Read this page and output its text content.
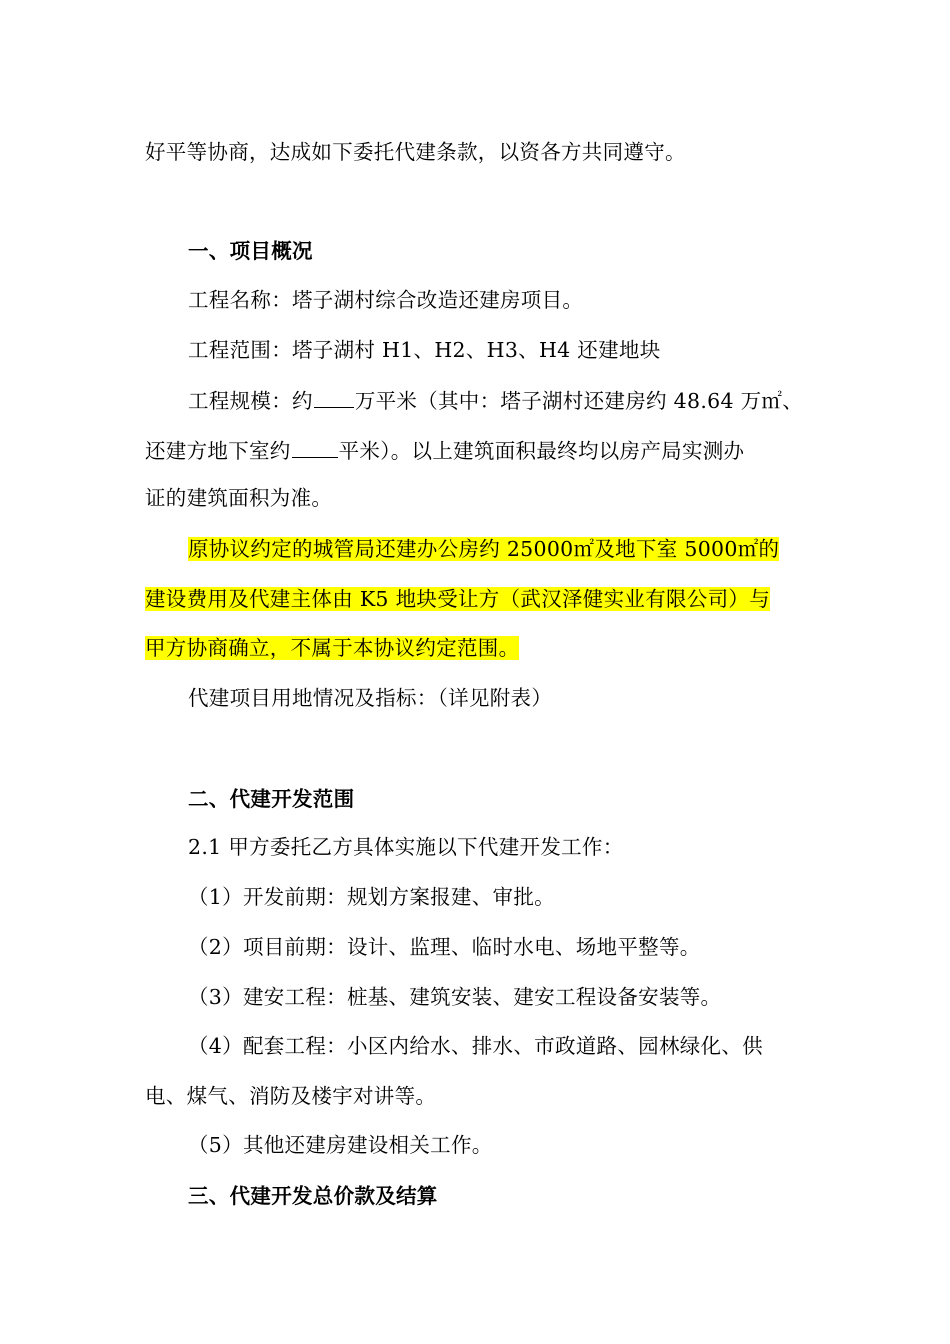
好平等协商，达成如下委托代建条款，以资各方共同遵守。
一、项目概况
工程名称：塔子湖村综合改造还建房项目。
工程范围：塔子湖村 H1、H2、H3、H4 还建地块
工程规模：约 万平米（其中：塔子湖村还建房约 48.64 万㎡、
还建方地下室约 平米）。以上建筑面积最终均以房产局实测办
证的建筑面积为准。
原协议约定的城管局还建办公房约 25000㎡及地下室 5000㎡的
建设费用及代建主体由 K5 地块受让方（武汉泽健实业有限公司）与
甲方协商确立，不属于本协议约定范围。
代建项目用地情况及指标：（详见附表）
二、代建开发范围
2.1 甲方委托乙方具体实施以下代建开发工作：
（1）开发前期：规划方案报建、审批。
（2）项目前期：设计、监理、临时水电、场地平整等。
（3）建安工程：桩基、建筑安装、建安工程设备安装等。
（4）配套工程：小区内给水、排水、市政道路、园林绿化、供
电、煤气、消防及楼宇对讲等。
（5）其他还建房建设相关工作。
三、代建开发总价款及结算
